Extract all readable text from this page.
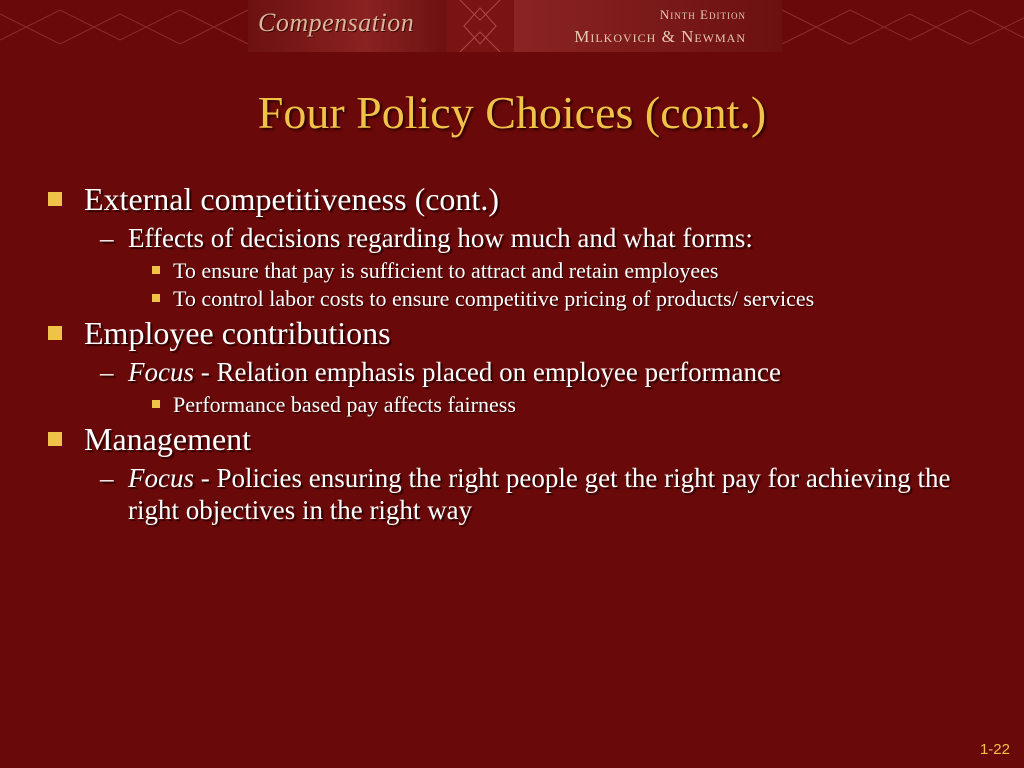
Compensation	Ninth Edition
Milkovich & Newman
Four Policy Choices (cont.)
External competitiveness (cont.)
– Effects of decisions regarding how much and what forms:
To ensure that pay is sufficient to attract and retain employees
To control labor costs to ensure competitive pricing of products/ services
Employee contributions
– Focus - Relation emphasis placed on employee performance
Performance based pay affects fairness
Management
– Focus - Policies ensuring the right people get the right pay for achieving the right objectives in the right way
1-22
